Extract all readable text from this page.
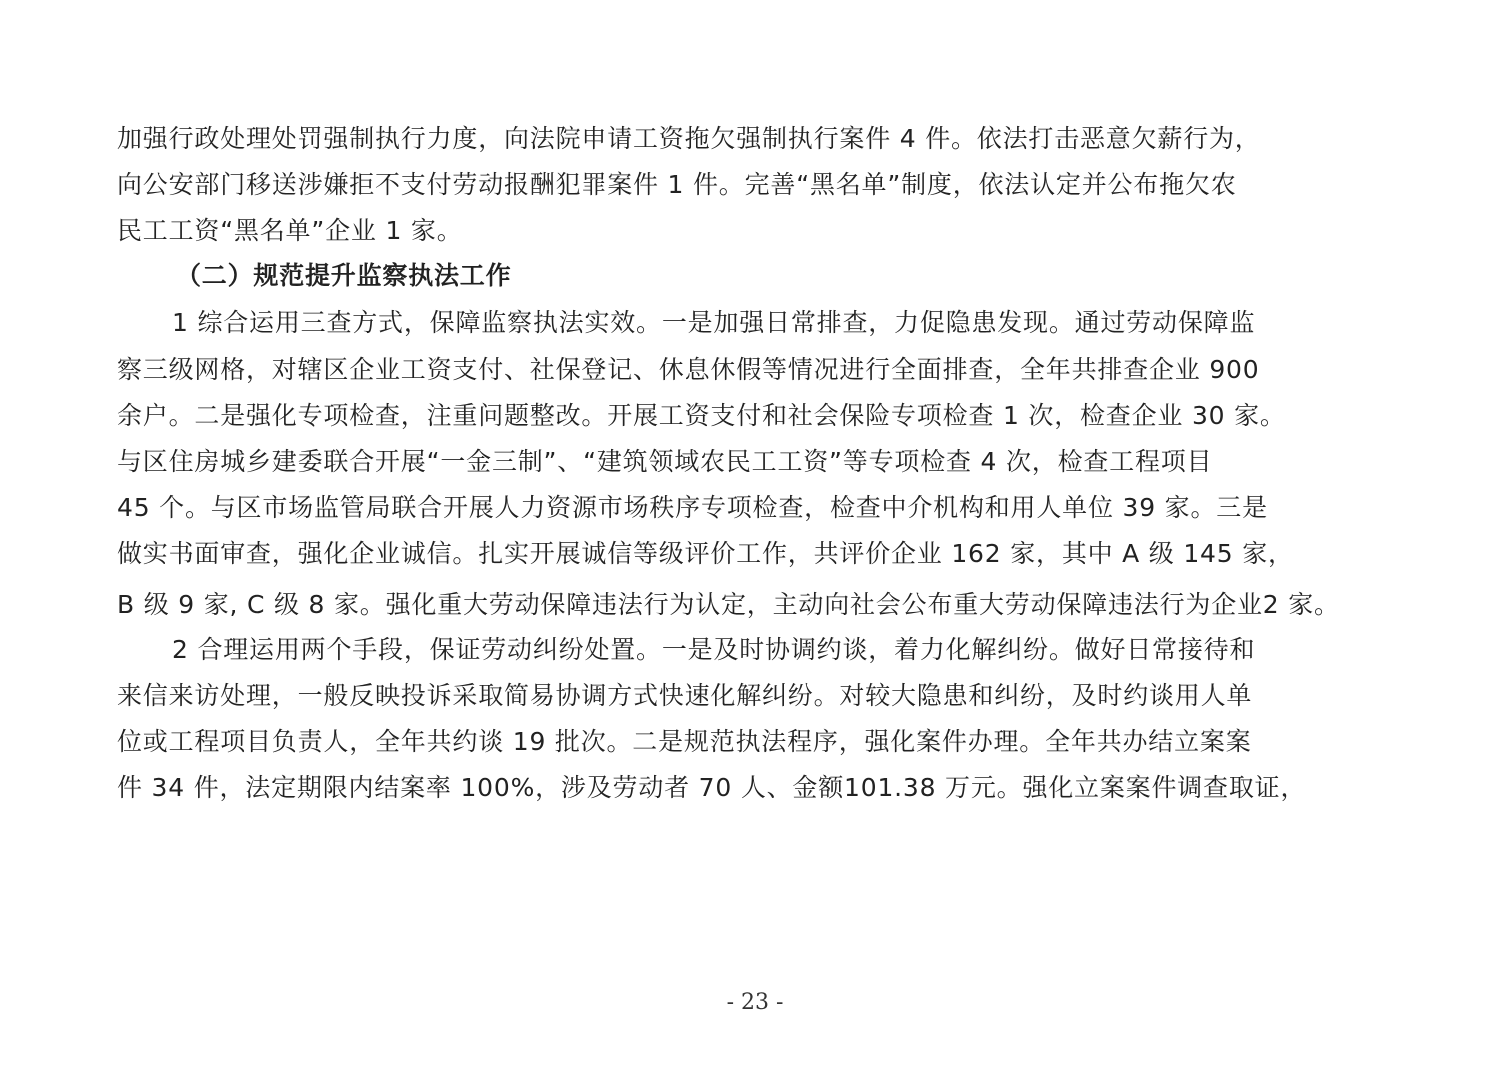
加强行政处理处罚强制执行力度，向法院申请工资拖欠强制执行案件 4 件。依法打击恶意欠薪行为，
向公安部门移送涉嫌拒不支付劳动报酬犯罪案件 1 件。完善“黑名单”制度，依法认定并公布拖欠农
民工工资“黑名单”企业 1 家。
（二）规范提升监察执法工作
1 综合运用三查方式，保障监察执法实效。一是加强日常排查，力促隐患发现。通过劳动保障监
察三级网格，对辖区企业工资支付、社保登记、休息休假等情况进行全面排查，全年共排查企业 900
余户。二是强化专项检查，注重问题整改。开展工资支付和社会保险专项检查 1 次，检查企业 30 家。
与区住房城乡建委联合开展“一金三制”、“建筑领域农民工工资”等专项检查 4 次，检查工程项目
45 个。与区市场监管局联合开展人力资源市场秩序专项检查，检查中介机构和用人单位 39 家。三是
做实书面审查，强化企业诚信。扎实开展诚信等级评价工作，共评价企业 162 家，其中 A 级 145 家，
B 级 9 家, C 级 8 家。强化重大劳动保障违法行为认定，主动向社会公布重大劳动保障违法行为企业2 家。
2 合理运用两个手段，保证劳动纠纷处置。一是及时协调约谈，着力化解纠纷。做好日常接待和
来信来访处理，一般反映投诉采取简易协调方式快速化解纠纷。对较大隐患和纠纷，及时约谈用人单
位或工程项目负责人，全年共约谈 19 批次。二是规范执法程序，强化案件办理。全年共办结立案案
件 34 件，法定期限内结案率 100%，涉及劳动者 70 人、金额101.38 万元。强化立案案件调查取证，
- 23 -
